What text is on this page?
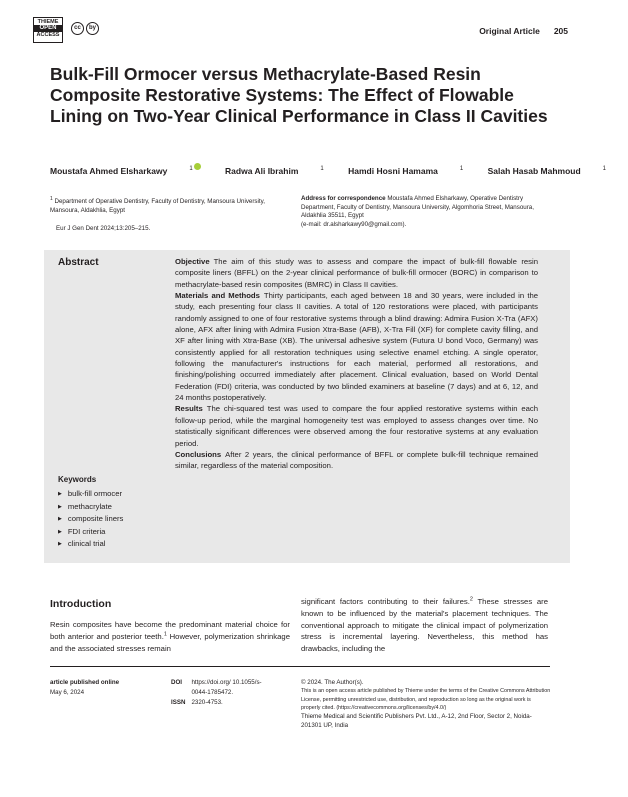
THIEME
OPEN
ACCESS
cc	by	Original Article 205
Bulk-Fill Ormocer versus Methacrylate-Based Resin Composite Restorative Systems: The Effect of Flowable Lining on Two-Year Clinical Performance in Class II Cavities
Moustafa Ahmed Elsharkawy	$^1$	Radwa Ali Ibrahim	$^1$	Hamdi Hosni Hamama	$^1$	Salah Hasab Mahmoud	$^1$
$^1$ Department of Operative Dentistry, Faculty of Dentistry, Mansoura University, Mansoura, Aldakhlia, Egypt
Eur J Gen Dent 2024;13:205–215.
Address for correspondence Moustafa Ahmed Elsharkawy, Operative Dentistry Department, Faculty of Dentistry, Mansoura University, Algomhoria Street, Mansoura, Aldakhlia 35511, Egypt
(e-mail: dr.alsharkawy90@gmail.com).
Abstract	Objective The aim of this study was to assess and compare the impact of bulk-fill flowable resin composite liners (BFFL) on the 2-year clinical performance of bulk-fill ormocer (BORC) in comparison to methacrylate-based resin composites (BMRC) in Class II cavities.

Materials and Methods Thirty participants, each aged between 18 and 30 years, were included in the study, each presenting four class II cavities. A total of 120 restorations were placed, with participants randomly assigned to one of four restorative systems through a blind drawing: Admira Fusion X-Tra (AFX) alone, AFX after lining with Admira Fusion Xtra-Base (AFB), X-Tra Fill (XF) for complete cavity filling, and XF after lining with Xtra-Base (XB). The universal adhesive system (Futura U bond Voco, Germany) was consistently applied for all restoration techniques using selective enamel etching. A single operator, following the manufacturer's instructions for each material, performed all restorations, and finishing/polishing occurred immediately after placement. Clinical evaluation, based on World Dental Federation (FDI) criteria, was conducted by two blinded examiners at baseline (7 days) and at 6, 12, and 24 months postoperatively.

Results The chi-squared test was used to compare the four applied restorative systems within each follow-up period, while the marginal homogeneity test was employed to assess changes over time. No statistically significant differences were observed among the four restorative systems at any evaluation period.

Conclusions After 2 years, the clinical performance of BFFL or complete bulk-fill technique remained similar, regardless of the material composition.

Keywords
▶ bulk-fill ormocer
▶ methacrylate
▶ composite liners
▶ FDI criteria
▶ clinical trial
Introduction
Resin composites have become the predominant material choice for both anterior and posterior teeth.$^1$ However, polymerization shrinkage and the associated stresses remain
significant factors contributing to their failures.$^2$ These stresses are known to be influenced by the material's placement techniques. The conventional approach to mitigate the clinical impact of polymerization stress is incremental layering. Nevertheless, this method has drawbacks, including the
article published online
May 6, 2024
DOI	https://doi.org/ 10.1055/s-0044-1785472.
ISSN	2320-4753.
© 2024. The Author(s).
This is an open access article published by Thieme under the terms of the Creative Commons Attribution License, permitting unrestricted use, distribution, and reproduction so long as the original work is properly cited. (https://creativecommons.org/licenses/by/4.0/)
Thieme Medical and Scientific Publishers Pvt. Ltd., A-12, 2nd Floor, Sector 2, Noida-201301 UP, India
